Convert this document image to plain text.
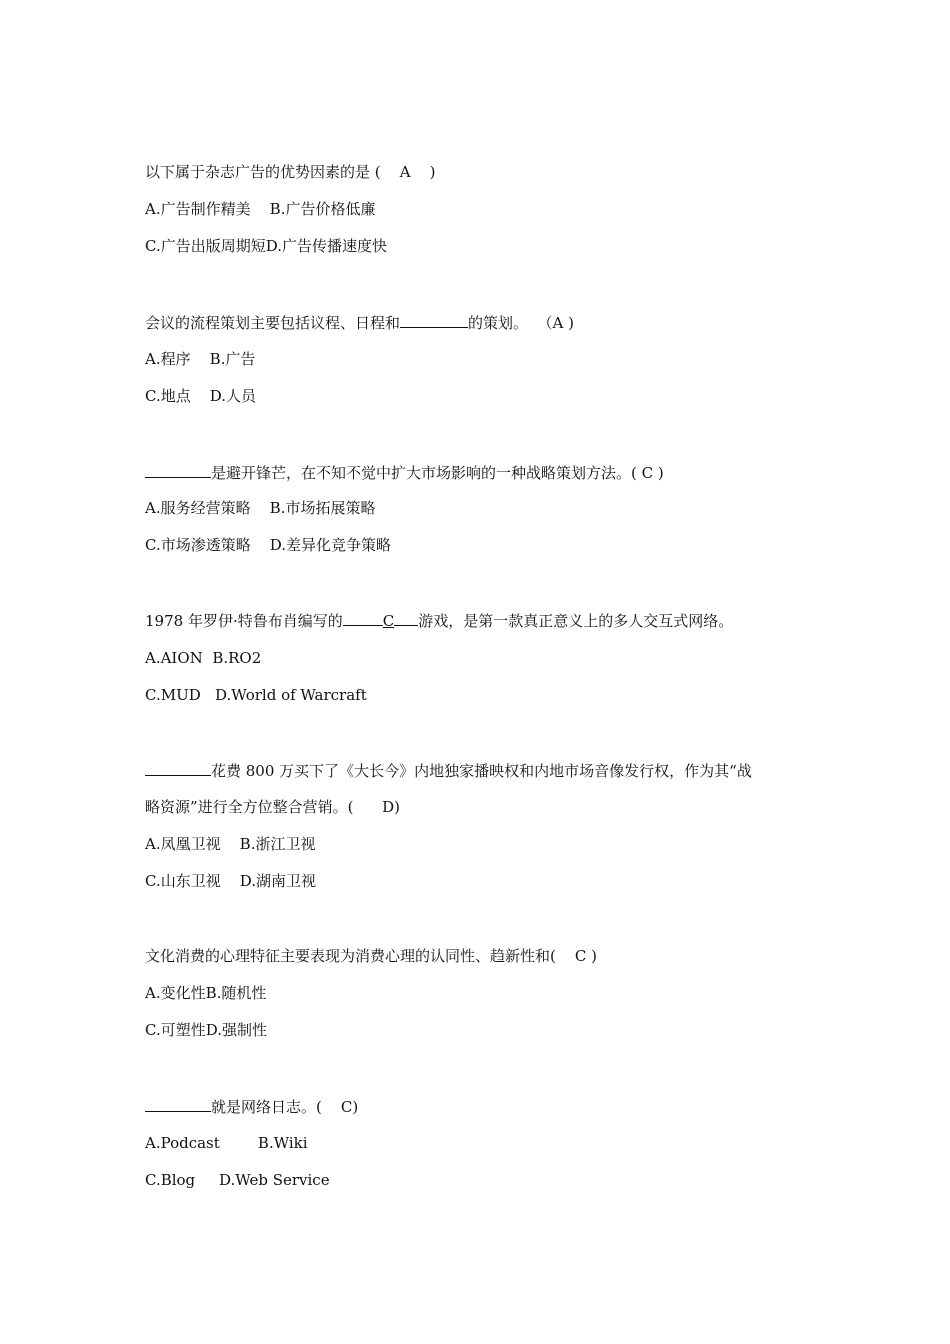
以下属于杂志广告的优势因素的是 (    A    )

A.广告制作精美    B.广告价格低廉

C.广告出版周期短D.广告传播速度快

会议的流程策划主要包括议程、日程和	的策划。  （A )

A.程序    B.广告

C.地点    D.人员

是避开锋芒，在不知不觉中扩大市场影响的一种战略策划方法。( C )

A.服务经营策略    B.市场拓展策略

C.市场渗透策略    D.差异化竞争策略

1978 年罗伊·特鲁布肖编写的	C 游戏，是第一款真正意义上的多人交互式网络。

A.AION  B.RO2

C.MUD   D.World of Warcraft

花费 800 万买下了《大长今》内地独家播映权和内地市场音像发行权，作为其“战

略资源”进行全方位整合营销。(      D)

A.凤凰卫视    B.浙江卫视

C.山东卫视    D.湖南卫视

文化消费的心理特征主要表现为消费心理的认同性、趋新性和(    C )

A.变化性B.随机性

C.可塑性D.强制性

就是网络日志。(    C)

A.Podcast        B.Wiki

C.Blog     D.Web Service
